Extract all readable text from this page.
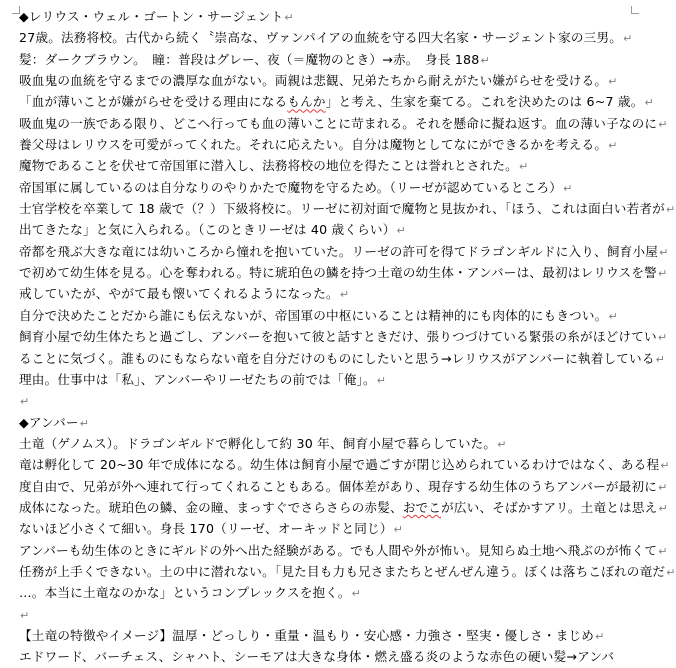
◆レリウス・ウェル・ゴートン・サージェント↵
27歳。法務将校。古代から続く〝崇高な、ヴァンパイアの血統を守る四大名家・サージェント家の三男。↵
髪：ダークブラウン。　瞳：普段はグレー、夜（＝魔物のとき）→赤。　身長 188↵
吸血鬼の血統を守るまでの濃厚な血がない。両親は悲観、兄弟たちから耐えがたい嫌がらせを受ける。↵
「血が薄いことが嫌がらせを受ける理由になるもんか」と考え、生家を棄てる。これを決めたのは 6~7 歳。↵
吸血鬼の一族である限り、どこへ行っても血の薄いことに苛まれる。それを懸命に擬ね返す。血の薄い子なのに↵
養父母はレリウスを可愛がってくれた。それに応えたい。自分は魔物としてなにができるかを考える。↵
魔物であることを伏せて帝国軍に潜入し、法務将校の地位を得たことは誉れとされた。↵
帝国軍に属しているのは自分なりのやりかたで魔物を守るため。（リーゼが認めているところ）↵
士官学校を卒業して 18 歳で（？）下級将校に。リーゼに初対面で魔物と見抜かれ、「ほう、これは面白い若者が↵
出てきたな」と気に入られる。（このときリーゼは 40 歳くらい）↵
帝都を飛ぶ大きな竜には幼いころから憧れを抱いていた。リーゼの許可を得てドラゴンギルドに入り、飼育小屋↵
で初めて幼生体を見る。心を奪われる。特に琥珀色の鱗を持つ土竜の幼生体・アンバーは、最初はレリウスを警↵
戒していたが、やがて最も懐いてくれるようになった。↵
自分で決めたことだから誰にも伝えないが、帝国軍の中枢にいることは精神的にも肉体的にもきつい。↵
飼育小屋で幼生体たちと過ごし、アンバーを抱いて彼と話すときだけ、張りつづけている緊張の糸がほどけてい↵
ることに気づく。誰ものにもならない竜を自分だけのものにしたいと思う→レリウスがアンバーに執着している↵
理由。仕事中は「私」、アンバーやリーゼたちの前では「俺」。↵
↵
◆アンバー↵
土竜（ゲノムス）。ドラゴンギルドで孵化して約 30 年、飼育小屋で暮らしていた。↵
竜は孵化して 20~30 年で成体になる。幼生体は飼育小屋で過ごすが閉じ込められているわけではなく、ある程↵
度自由で、兄弟が外へ連れて行ってくれることもある。個体差があり、現存する幼生体のうちアンバーが最初に↵
成体になった。琥珀色の鱗、金の瞳、まっすぐでさらさらの赤髪、おでこが広い、そばかすアリ。土竜とは思え↵
ないほど小さくて細い。身長 170（リーゼ、オーキッドと同じ）↵
アンバーも幼生体のときにギルドの外へ出た経験がある。でも人間や外が怖い。見知らぬ土地へ飛ぶのが怖くて↵
任務が上手くできない。土の中に潜れない。「見た目も力も兄さまたちとぜんぜん違う。ぼくは落ちこぼれの竜だ↵
…。本当に土竜なのかな」というコンプレックスを抱く。↵
↵
【土竜の特徴やイメージ】温厚・どっしり・重量・温もり・安心感・力強さ・堅実・優しさ・まじめ↵
エドワード、バーチェス、シャハト、シーモアは大きな身体・燃え盛る炎のような赤色の硬い髪→アンバ
